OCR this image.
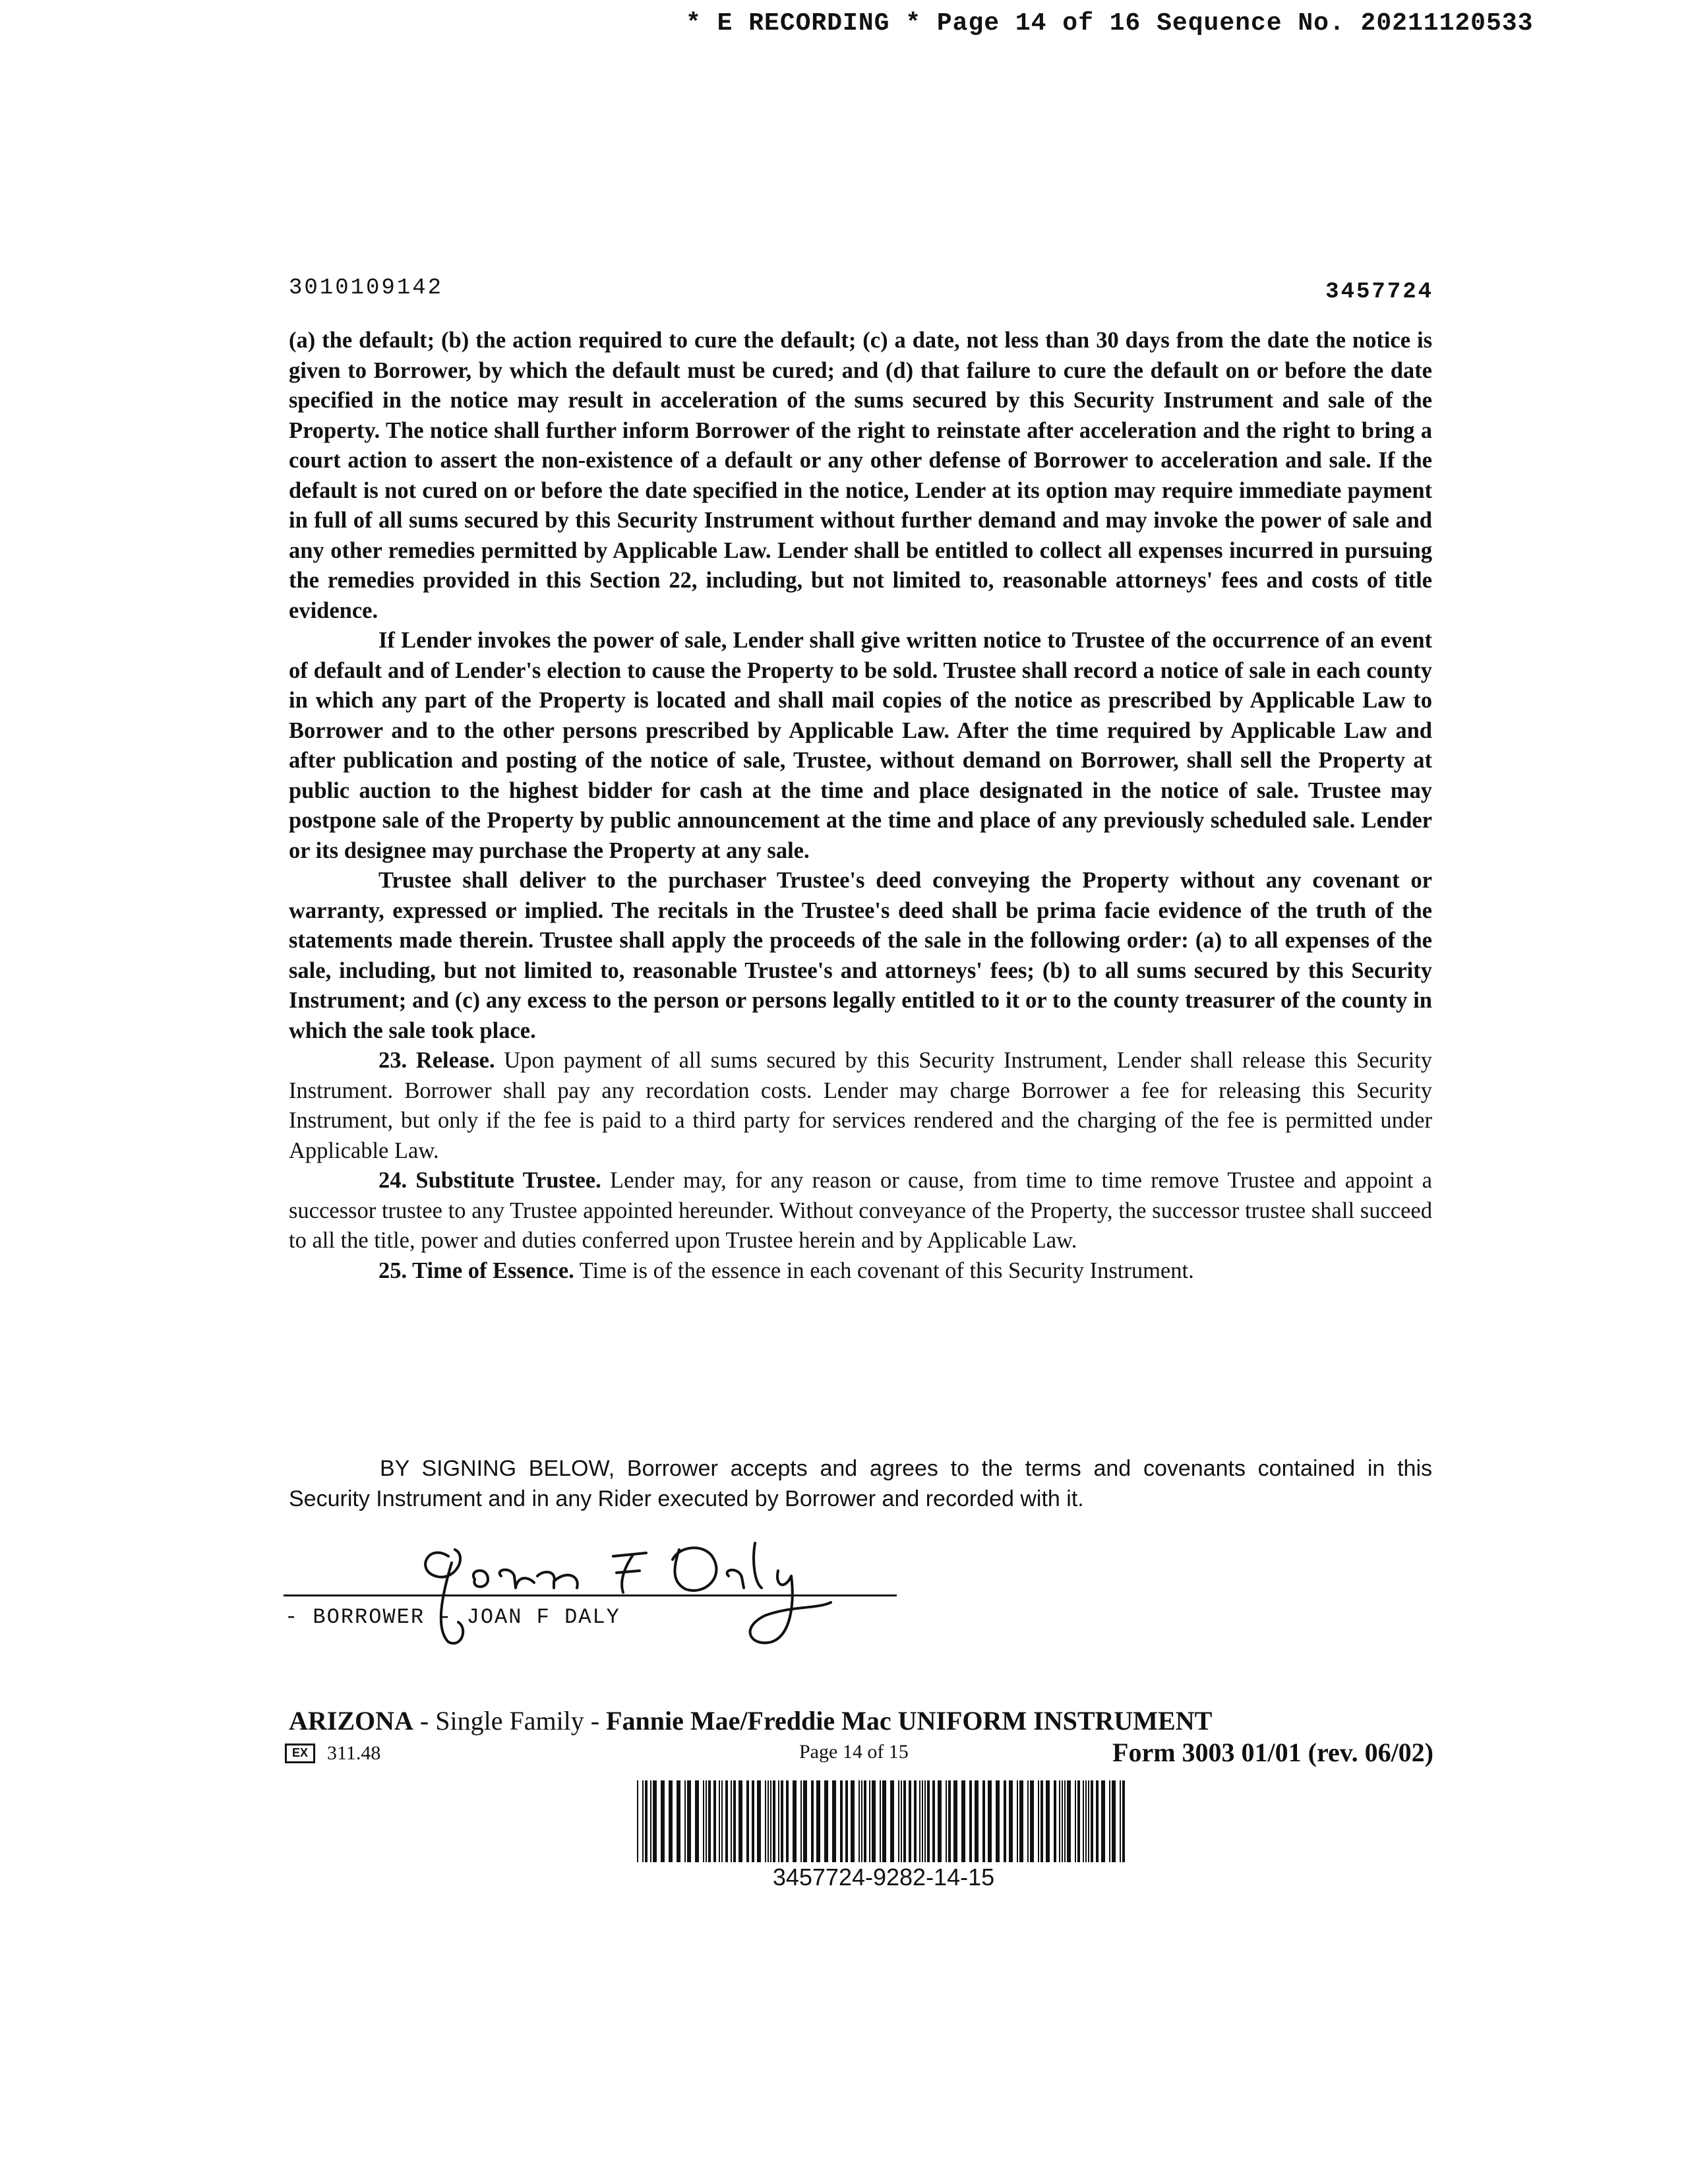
* E RECORDING * Page 14 of 16 Sequence No. 20211120533
3010109142	3457724

(a) the default; (b) the action required to cure the default; (c) a date, not less than 30 days from the date the notice is given to Borrower, by which the default must be cured; and (d) that failure to cure the default on or before the date specified in the notice may result in acceleration of the sums secured by this Security Instrument and sale of the Property. The notice shall further inform Borrower of the right to reinstate after acceleration and the right to bring a court action to assert the non-existence of a default or any other defense of Borrower to acceleration and sale. If the default is not cured on or before the date specified in the notice, Lender at its option may require immediate payment in full of all sums secured by this Security Instrument without further demand and may invoke the power of sale and any other remedies permitted by Applicable Law. Lender shall be entitled to collect all expenses incurred in pursuing the remedies provided in this Section 22, including, but not limited to, reasonable attorneys' fees and costs of title evidence.

If Lender invokes the power of sale, Lender shall give written notice to Trustee of the occurrence of an event of default and of Lender's election to cause the Property to be sold. Trustee shall record a notice of sale in each county in which any part of the Property is located and shall mail copies of the notice as prescribed by Applicable Law to Borrower and to the other persons prescribed by Applicable Law. After the time required by Applicable Law and after publication and posting of the notice of sale, Trustee, without demand on Borrower, shall sell the Property at public auction to the highest bidder for cash at the time and place designated in the notice of sale. Trustee may postpone sale of the Property by public announcement at the time and place of any previously scheduled sale. Lender or its designee may purchase the Property at any sale.

Trustee shall deliver to the purchaser Trustee's deed conveying the Property without any covenant or warranty, expressed or implied. The recitals in the Trustee's deed shall be prima facie evidence of the truth of the statements made therein. Trustee shall apply the proceeds of the sale in the following order: (a) to all expenses of the sale, including, but not limited to, reasonable Trustee's and attorneys' fees; (b) to all sums secured by this Security Instrument; and (c) any excess to the person or persons legally entitled to it or to the county treasurer of the county in which the sale took place.

23. Release. Upon payment of all sums secured by this Security Instrument, Lender shall release this Security Instrument. Borrower shall pay any recordation costs. Lender may charge Borrower a fee for releasing this Security Instrument, but only if the fee is paid to a third party for services rendered and the charging of the fee is permitted under Applicable Law.

24. Substitute Trustee. Lender may, for any reason or cause, from time to time remove Trustee and appoint a successor trustee to any Trustee appointed hereunder. Without conveyance of the Property, the successor trustee shall succeed to all the title, power and duties conferred upon Trustee herein and by Applicable Law.

25. Time of Essence. Time is of the essence in each covenant of this Security Instrument.

BY SIGNING BELOW, Borrower accepts and agrees to the terms and covenants contained in this Security Instrument and in any Rider executed by Borrower and recorded with it.
- BORROWER - JOAN F DALY
ARIZONA - Single Family - Fannie Mae/Freddie Mac UNIFORM INSTRUMENT
EX 311.48	Page 14 of 15	Form 3003 01/01 (rev. 06/02)
3457724-9282-14-15
